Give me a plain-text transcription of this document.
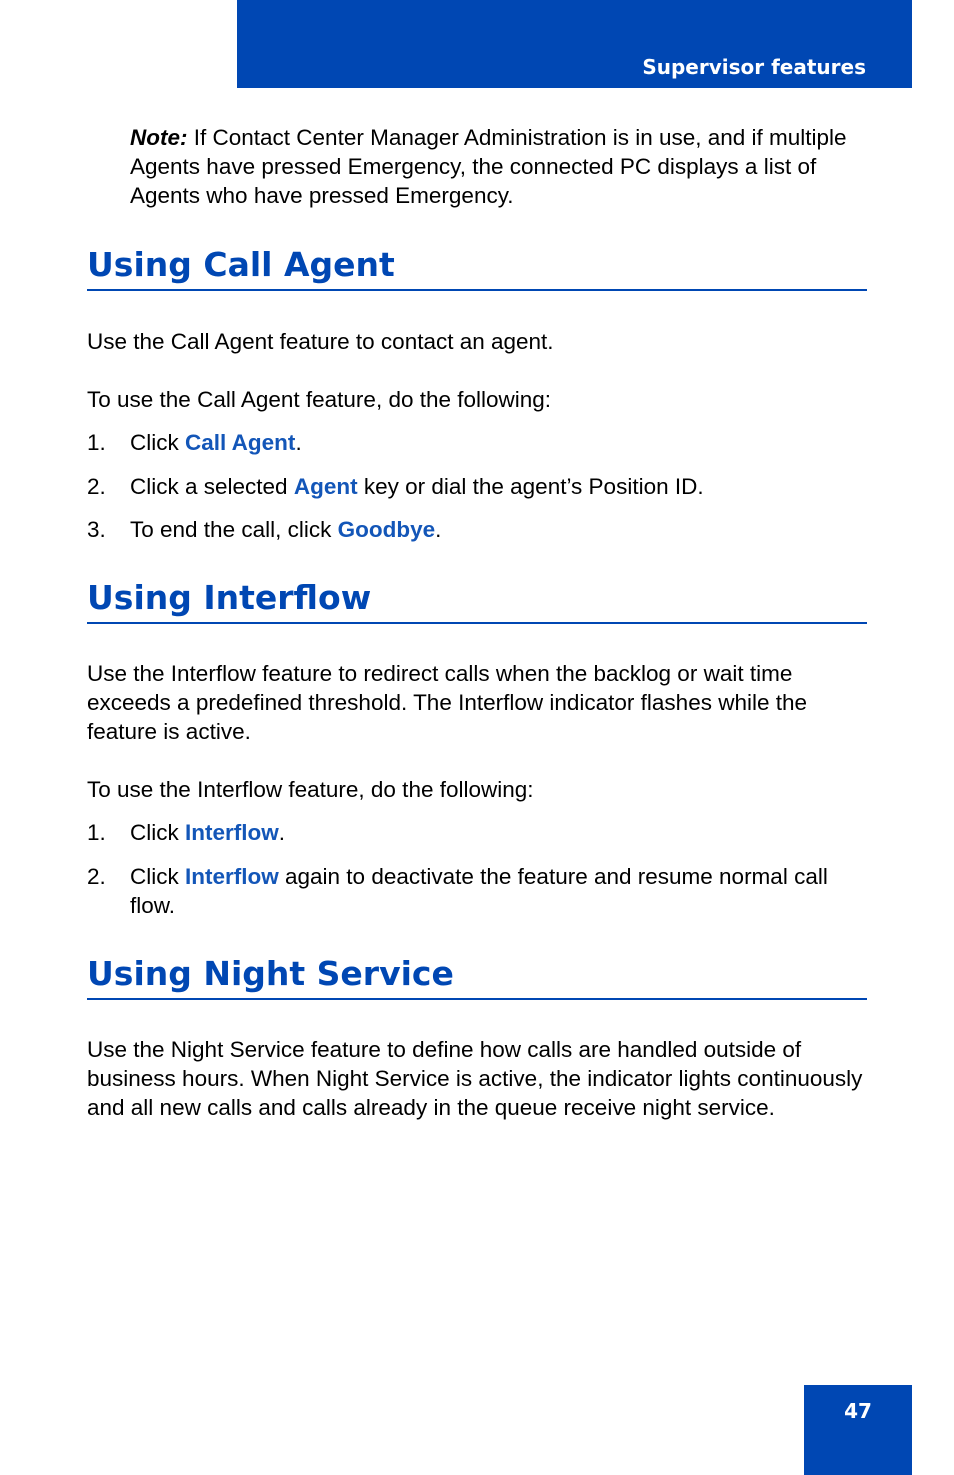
Supervisor features

Note: If Contact Center Manager Administration is in use, and if multiple Agents have pressed Emergency, the connected PC displays a list of Agents who have pressed Emergency.

Using Call Agent

Use the Call Agent feature to contact an agent.

To use the Call Agent feature, do the following:

1. Click Call Agent.
2. Click a selected Agent key or dial the agent’s Position ID.
3. To end the call, click Goodbye.
Using Interflow

Use the Interflow feature to redirect calls when the backlog or wait time exceeds a predefined threshold. The Interflow indicator flashes while the feature is active.

To use the Interflow feature, do the following:

1. Click Interflow.
2. Click Interflow again to deactivate the feature and resume normal call flow.
Using Night Service

Use the Night Service feature to define how calls are handled outside of business hours. When Night Service is active, the indicator lights continuously and all new calls and calls already in the queue receive night service.

47
